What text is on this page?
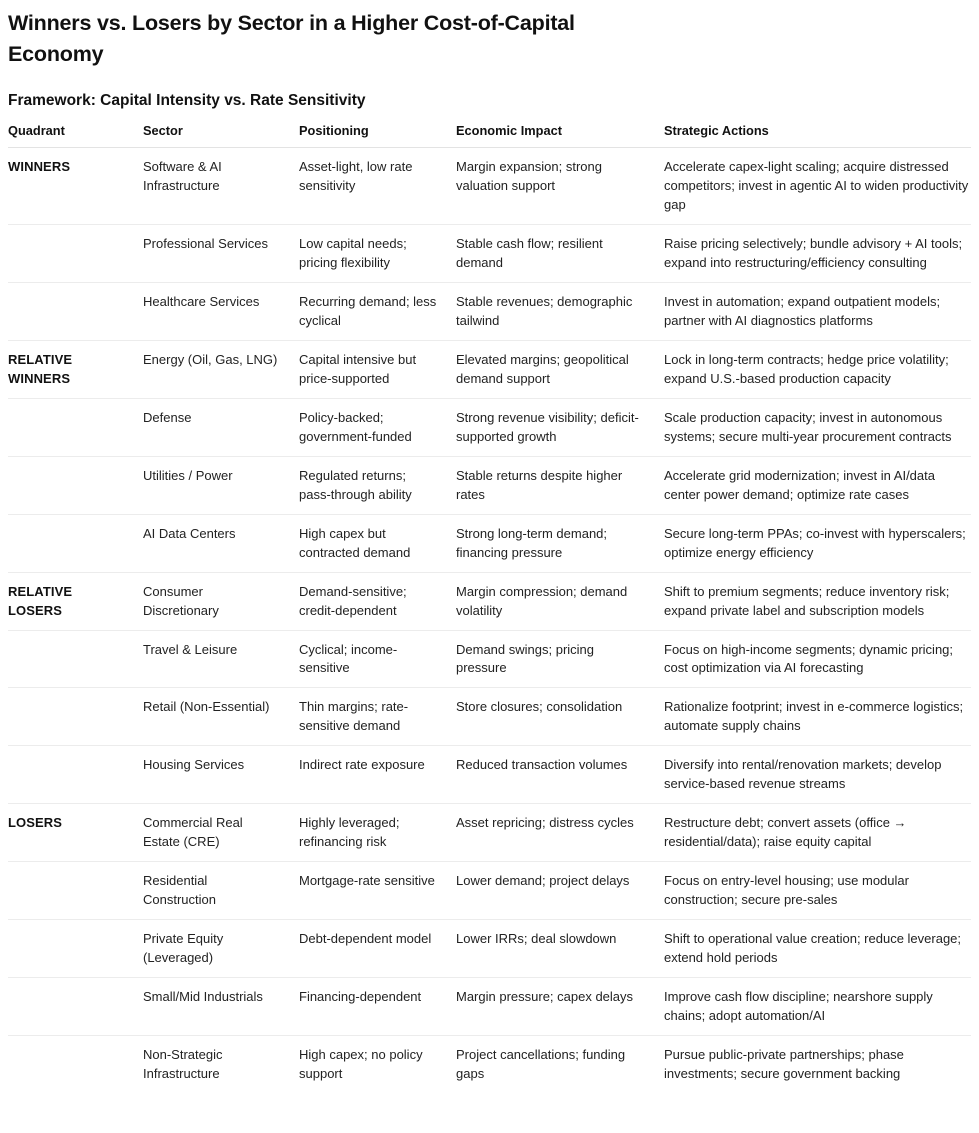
Winners vs. Losers by Sector in a Higher Cost-of-Capital Economy
Framework: Capital Intensity vs. Rate Sensitivity
Quadrant	Sector	Positioning	Economic Impact	Strategic Actions
WINNERS	Software & AI Infrastructure	Asset-light, low rate sensitivity	Margin expansion; strong valuation support	Accelerate capex-light scaling; acquire distressed competitors; invest in agentic AI to widen productivity gap
	Professional Services	Low capital needs; pricing flexibility	Stable cash flow; resilient demand	Raise pricing selectively; bundle advisory + AI tools; expand into restructuring/efficiency consulting
	Healthcare Services	Recurring demand; less cyclical	Stable revenues; demographic tailwind	Invest in automation; expand outpatient models; partner with AI diagnostics platforms
RELATIVE WINNERS	Energy (Oil, Gas, LNG)	Capital intensive but price-supported	Elevated margins; geopolitical demand support	Lock in long-term contracts; hedge price volatility; expand U.S.-based production capacity
	Defense	Policy-backed; government-funded	Strong revenue visibility; deficit-supported growth	Scale production capacity; invest in autonomous systems; secure multi-year procurement contracts
	Utilities / Power	Regulated returns; pass-through ability	Stable returns despite higher rates	Accelerate grid modernization; invest in AI/data center power demand; optimize rate cases
	AI Data Centers	High capex but contracted demand	Strong long-term demand; financing pressure	Secure long-term PPAs; co-invest with hyperscalers; optimize energy efficiency
RELATIVE LOSERS	Consumer Discretionary	Demand-sensitive; credit-dependent	Margin compression; demand volatility	Shift to premium segments; reduce inventory risk; expand private label and subscription models
	Travel & Leisure	Cyclical; income-sensitive	Demand swings; pricing pressure	Focus on high-income segments; dynamic pricing; cost optimization via AI forecasting
	Retail (Non-Essential)	Thin margins; rate-sensitive demand	Store closures; consolidation	Rationalize footprint; invest in e-commerce logistics; automate supply chains
	Housing Services	Indirect rate exposure	Reduced transaction volumes	Diversify into rental/renovation markets; develop service-based revenue streams
LOSERS	Commercial Real Estate (CRE)	Highly leveraged; refinancing risk	Asset repricing; distress cycles	Restructure debt; convert assets (office → residential/data); raise equity capital
	Residential Construction	Mortgage-rate sensitive	Lower demand; project delays	Focus on entry-level housing; use modular construction; secure pre-sales
	Private Equity (Leveraged)	Debt-dependent model	Lower IRRs; deal slowdown	Shift to operational value creation; reduce leverage; extend hold periods
	Small/Mid Industrials	Financing-dependent	Margin pressure; capex delays	Improve cash flow discipline; nearshore supply chains; adopt automation/AI
	Non-Strategic Infrastructure	High capex; no policy support	Project cancellations; funding gaps	Pursue public-private partnerships; phase investments; secure government backing
